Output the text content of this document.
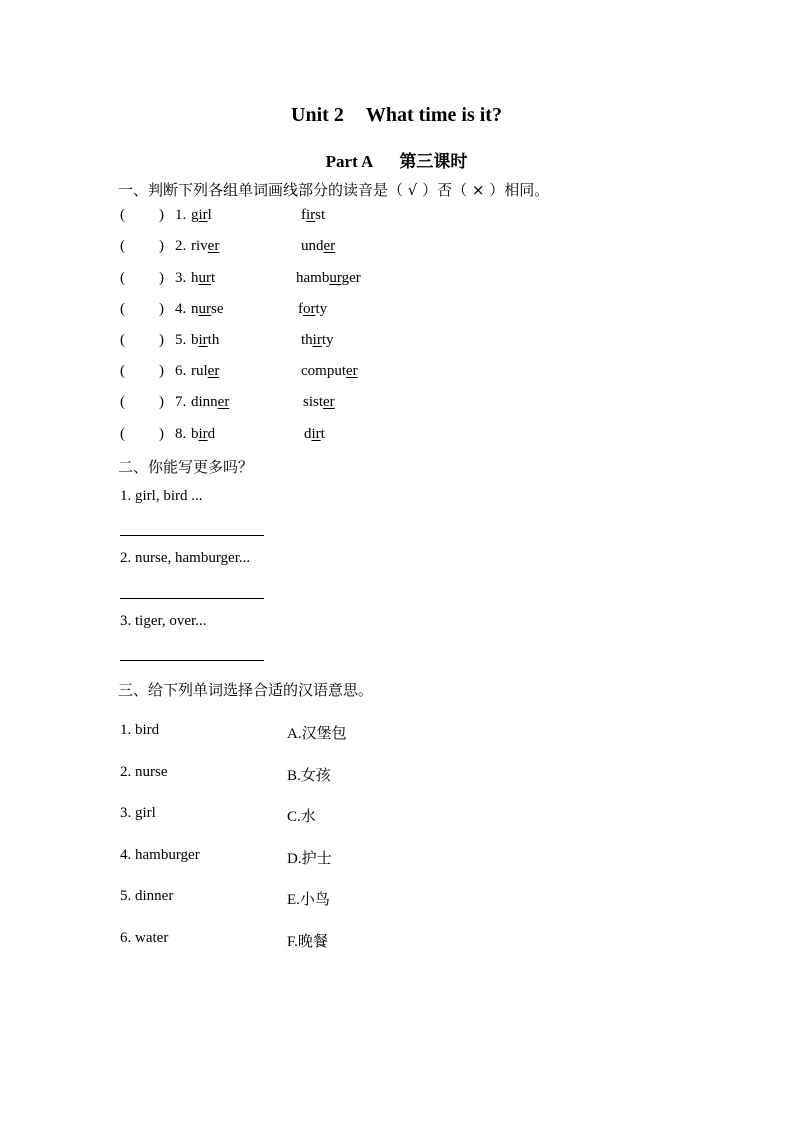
Unit 2 What time is it?
Part A 第三课时
一、判断下列各组单词画线部分的读音是（ √ ）否（ × ）相同。
( ) 1. girl	first
( ) 2. river	under
( ) 3. hurt	hamburger
( ) 4. nurse	forty
( ) 5. birth	thirty
( ) 6. ruler	computer
( ) 7. dinner	sister
( ) 8. bird	dirt
二、你能写更多吗？
1. girl, bird ...
2. nurse, hamburger...
3. tiger, over...
三、给下列单词选择合适的汉语意思。
1. bird	A.汉堡包
2. nurse	B.女孩
3. girl	C.水
4. hamburger	D.护士
5. dinner	E.小鸟
6. water	F.晚餐
